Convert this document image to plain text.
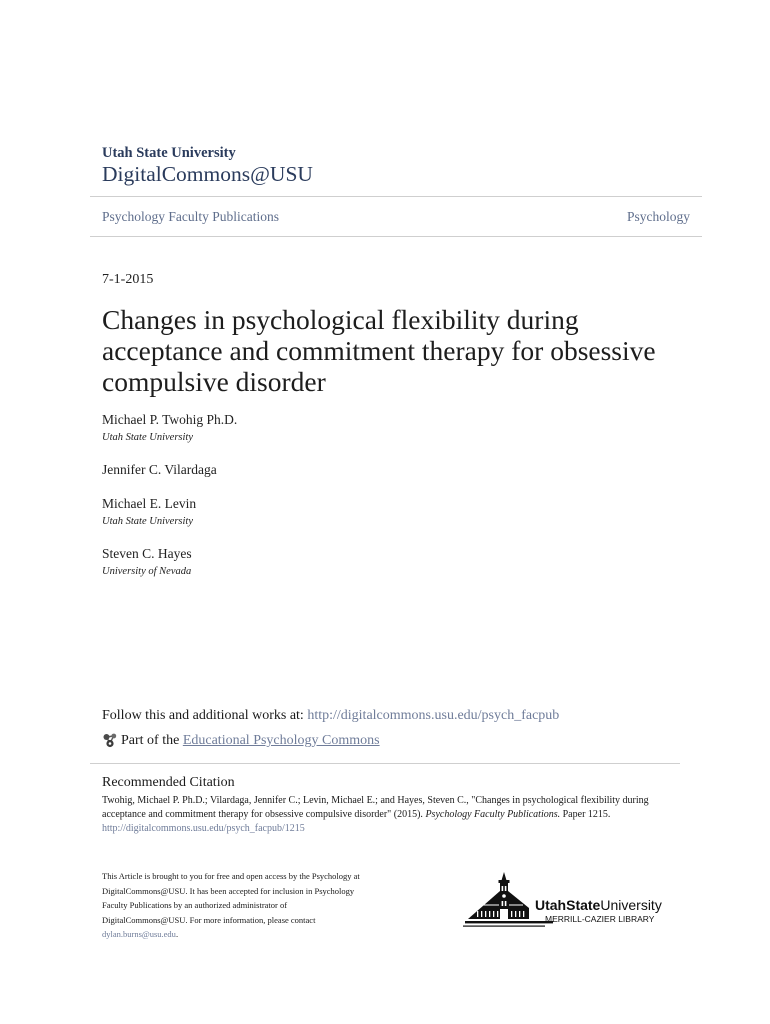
Utah State University
DigitalCommons@USU
Psychology Faculty Publications	Psychology
7-1-2015
Changes in psychological flexibility during
acceptance and commitment therapy for obsessive
compulsive disorder
Michael P. Twohig Ph.D.
Utah State University
Jennifer C. Vilardaga
Michael E. Levin
Utah State University
Steven C. Hayes
University of Nevada
Follow this and additional works at: http://digitalcommons.usu.edu/psych_facpub
Part of the Educational Psychology Commons
Recommended Citation
Twohig, Michael P. Ph.D.; Vilardaga, Jennifer C.; Levin, Michael E.; and Hayes, Steven C., "Changes in psychological flexibility during
acceptance and commitment therapy for obsessive compulsive disorder" (2015). Psychology Faculty Publications. Paper 1215.
http://digitalcommons.usu.edu/psych_facpub/1215
This Article is brought to you for free and open access by the Psychology at
DigitalCommons@USU. It has been accepted for inclusion in Psychology
Faculty Publications by an authorized administrator of
DigitalCommons@USU. For more information, please contact
dylan.burns@usu.edu.
UtahStateUniversity
MERRILL-CAZIER LIBRARY
